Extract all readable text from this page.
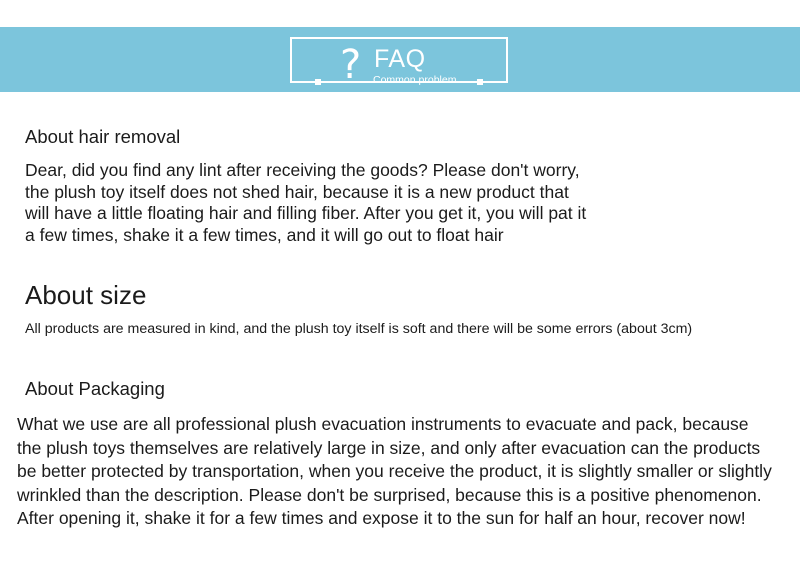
? FAQ
Common problem
About hair removal

Dear, did you find any lint after receiving the goods? Please don't worry,

the plush toy itself does not shed hair, because it is a new product that

will have a little floating hair and filling fiber. After you get it, you will pat it

a few times, shake it a few times, and it will go out to float hair

About size

All products are measured in kind, and the plush toy itself is soft and there will be some errors (about 3cm)

About Packaging

What we use are all professional plush evacuation instruments to evacuate and pack, because

the plush toys themselves are relatively large in size, and only after evacuation can the products

be better protected by transportation, when you receive the product, it is slightly smaller or slightly

wrinkled than the description. Please don't be surprised, because this is a positive phenomenon.

After opening it, shake it for a few times and expose it to the sun for half an hour, recover now!
